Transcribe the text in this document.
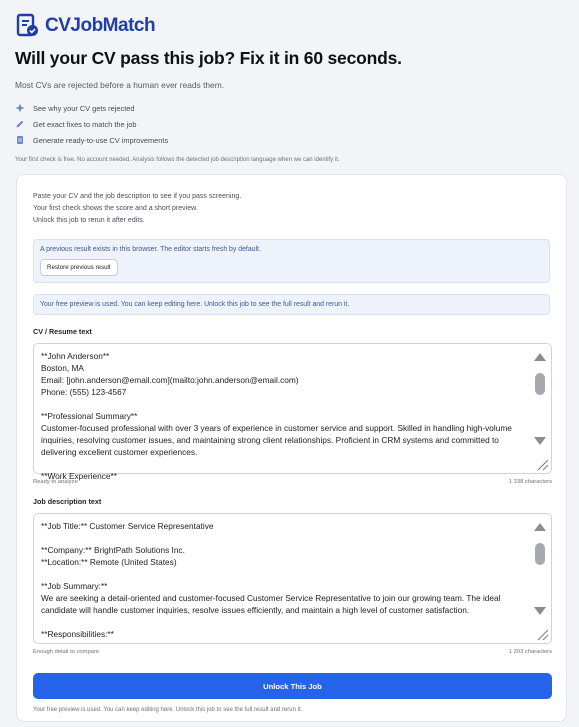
CVJobMatch
Will your CV pass this job? Fix it in 60 seconds.

Most CVs are rejected before a human ever reads them.

See why your CV gets rejected
Get exact fixes to match the job
Generate ready-to-use CV improvements

Your first check is free. No account needed. Analysis follows the detected job description language when we can identify it.

Paste your CV and the job description to see if you pass screening.

Your first check shows the score and a short preview.

Unlock this job to rerun it after edits.

A previous result exists in this browser. The editor starts fresh by default.
Restore previous result
Your free preview is used. You can keep editing here. Unlock this job to see the full result and rerun it.
CV / Resume text
**John Anderson**
Boston, MA
Email: [john.anderson@email.com](mailto:john.anderson@email.com)
Phone: (555) 123-4567

**Professional Summary**
Customer-focused professional with over 3 years of experience in customer service and support. Skilled in handling high-volume inquiries, resolving customer issues, and maintaining strong client relationships. Proficient in CRM systems and committed to delivering excellent customer experiences.

**Work Experience**
Ready to analyze	1 338 characters
Job description text
**Job Title:** Customer Service Representative

**Company:** BrightPath Solutions Inc.
**Location:** Remote (United States)

**Job Summary:**
We are seeking a detail-oriented and customer-focused Customer Service Representative to join our growing team. The ideal candidate will handle customer inquiries, resolve issues efficiently, and maintain a high level of customer satisfaction.

**Responsibilities:**
Enough detail to compare	1 203 characters
Unlock This Job

Your free preview is used. You can keep editing here. Unlock this job to see the full result and rerun it.
